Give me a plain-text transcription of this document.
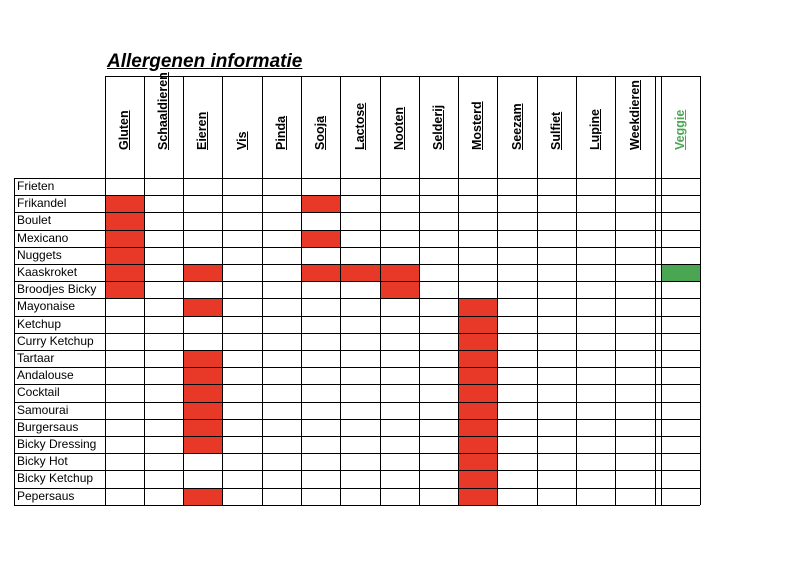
Allergenen informatie
Frieten
Frikandel
Boulet
Mexicano
Nuggets
Kaaskroket
Broodjes Bicky
Mayonaise
Ketchup
Curry Ketchup
Tartaar
Andalouse
Cocktail
Samourai
Burgersaus
Bicky Dressing
Bicky Hot
Bicky Ketchup
Pepersaus
Gluten Schaaldieren Eieren Vis Pinda Sooja Lactose Nooten Selderij Mosterd Seezam Sulfiet Lupine Weekdieren	Veggie
